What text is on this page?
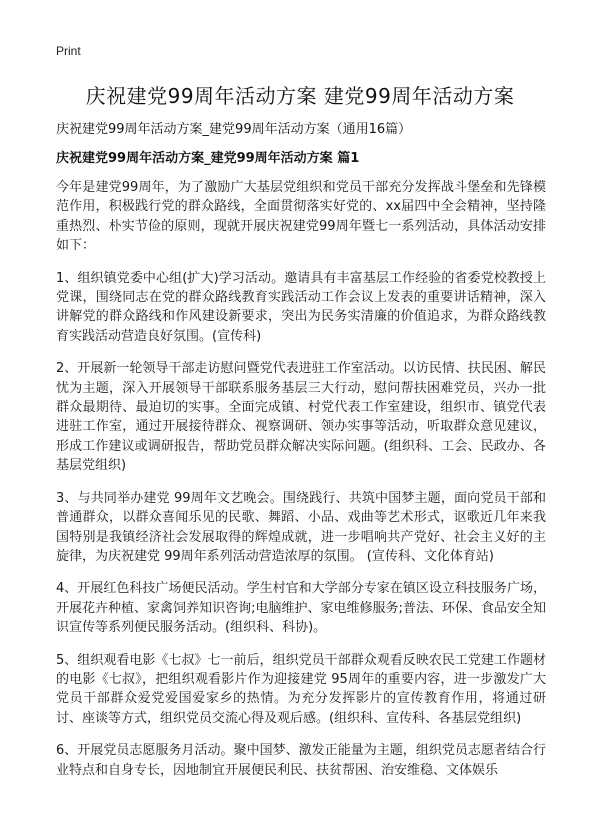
Print
庆祝建党99周年活动方案 建党99周年活动方案
庆祝建党99周年活动方案_建党99周年活动方案（通用16篇）
庆祝建党99周年活动方案_建党99周年活动方案 篇1

今年是建党99周年，为了激励广大基层党组织和党员干部充分发挥战斗堡垒和先锋模范作用，积极践行党的群众路线，全面贯彻落实好党的、xx届四中全会精神，坚持隆重热烈、朴实节俭的原则，现就开展庆祝建党99周年暨七一系列活动，具体活动安排如下：

1、组织镇党委中心组(扩大)学习活动。邀请具有丰富基层工作经验的省委党校教授上党课，围绕同志在党的群众路线教育实践活动工作会议上发表的重要讲话精神，深入讲解党的群众路线和作风建设新要求，突出为民务实清廉的价值追求，为群众路线教育实践活动营造良好氛围。(宣传科)

2、开展新一轮领导干部走访慰问暨党代表进驻工作室活动。以访民情、扶民困、解民忧为主题，深入开展领导干部联系服务基层三大行动，慰问帮扶困难党员，兴办一批群众最期待、最迫切的实事。全面完成镇、村党代表工作室建设，组织市、镇党代表进驻工作室，通过开展接待群众、视察调研、领办实事等活动，听取群众意见建议，形成工作建议或调研报告，帮助党员群众解决实际问题。(组织科、工会、民政办、各基层党组织)

3、与共同举办建党 99周年文艺晚会。围绕践行、共筑中国梦主题，面向党员干部和普通群众，以群众喜闻乐见的民歌、舞蹈、小品、戏曲等艺术形式，讴歌近几年来我国特别是我镇经济社会发展取得的辉煌成就，进一步唱响共产党好、社会主义好的主旋律，为庆祝建党 99周年系列活动营造浓厚的氛围。 (宣传科、文化体育站)

4、开展红色科技广场便民活动。学生村官和大学部分专家在镇区设立科技服务广场，开展花卉种植、家禽饲养知识咨询;电脑维护、家电维修服务;普法、环保、食品安全知识宣传等系列便民服务活动。(组织科、科协)。

5、组织观看电影《七叔》七一前后，组织党员干部群众观看反映农民工党建工作题材的电影《七叔》，把组织观看影片作为迎接建党 95周年的重要内容，进一步激发广大党员干部群众爱党爱国爱家乡的热情。为充分发挥影片的宣传教育作用，将通过研讨、座谈等方式，组织党员交流心得及观后感。(组织科、宣传科、各基层党组织)

6、开展党员志愿服务月活动。聚中国梦、激发正能量为主题，组织党员志愿者结合行业特点和自身专长，因地制宜开展便民利民、扶贫帮困、治安维稳、文体娱乐
